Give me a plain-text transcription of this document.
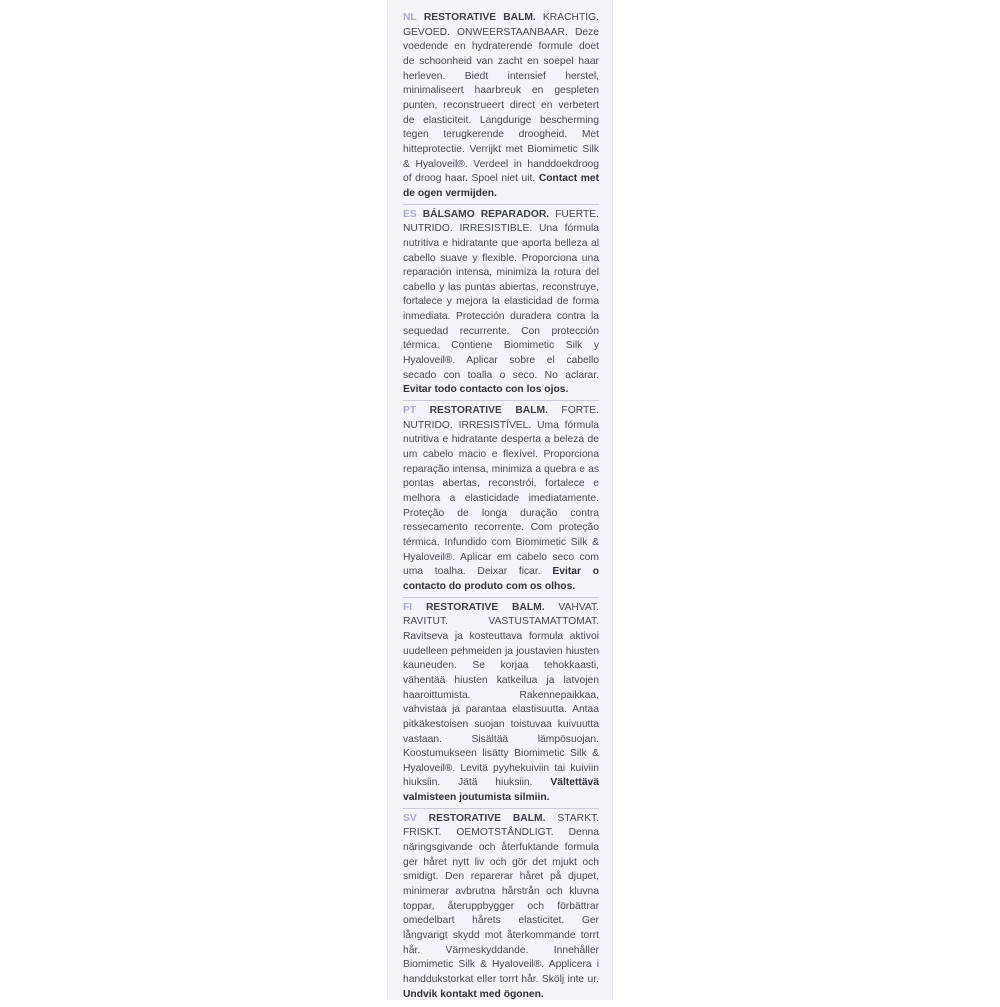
NL RESTORATIVE BALM. KRACHTIG. GEVOED. ONWEERSTAANBAAR. Deze voedende en hydraterende formule doet de schoonheid van zacht en soepel haar herleven. Biedt intensief herstel, minimaliseert haarbreuk en gespleten punten, reconstrueert direct en verbetert de elasticiteit. Langdurige bescherming tegen terugkerende droogheid. Met hitteprotectie. Verrijkt met Biomimetic Silk & Hyaloveil®. Verdeel in handdoekdroog of droog haar. Spoel niet uit. Contact met de ogen vermijden.
ES BÁLSAMO REPARADOR. FUERTE. NUTRIDO. IRRESISTIBLE. Una fórmula nutritiva e hidratante que aporta belleza al cabello suave y flexible. Proporciona una reparación intensa, minimiza la rotura del cabello y las puntas abiertas, reconstruye, fortalece y mejora la elasticidad de forma inmediata. Protección duradera contra la sequedad recurrente. Con protección térmica. Contiene Biomimetic Silk y Hyaloveil®. Aplicar sobre el cabello secado con toalla o seco. No aclarar. Evitar todo contacto con los ojos.
PT RESTORATIVE BALM. FORTE. NUTRIDO. IRRESISTÍVEL. Uma fórmula nutritiva e hidratante desperta a beleza de um cabelo macio e flexível. Proporciona reparação intensa, minimiza a quebra e as pontas abertas, reconstrói, fortalece e melhora a elasticidade imediatamente. Proteção de longa duração contra ressecamento recorrente. Com proteção térmica. Infundido com Biomimetic Silk & Hyaloveil®. Aplicar em cabelo seco com uma toalha. Deixar ficar. Evitar o contacto do produto com os olhos.
FI RESTORATIVE BALM. VAHVAT. RAVITUT. VASTUSTAMATTOMAT. Ravitseva ja kosteuttava formula aktivoi uudelleen pehmeiden ja joustavien hiusten kauneuden. Se korjaa tehokkaasti, vähentää hiusten katkeilua ja latvojen haaroittumista. Rakennepaikkaa, vahvistaa ja parantaa elastisuutta. Antaa pitkäkestoisen suojan toistuvaa kuivuutta vastaan. Sisältää lämpösuojan. Koostumukseen lisätty Biomimetic Silk & Hyaloveil®. Levitä pyyhekuiviin tai kuiviin hiuksiin. Jätä hiuksiin. Vältettävä valmisteen joutumista silmiin.
SV RESTORATIVE BALM. STARKT. FRISKT. OEMOTSTÅNDLIGT. Denna näringsgivande och återfuktande formula ger håret nytt liv och gör det mjukt och smidigt. Den reparerar håret på djupet, minimerar avbrutna hårstrån och kluvna toppar, återuppbygger och förbättrar omedelbart hårets elasticitet. Ger långvarigt skydd mot återkommande torrt hår. Värmeskyddande. Innehåller Biomimetic Silk & Hyaloveil®. Applicera i handdukstorkat eller torrt hår. Skölj inte ur. Undvik kontakt med ögonen.
